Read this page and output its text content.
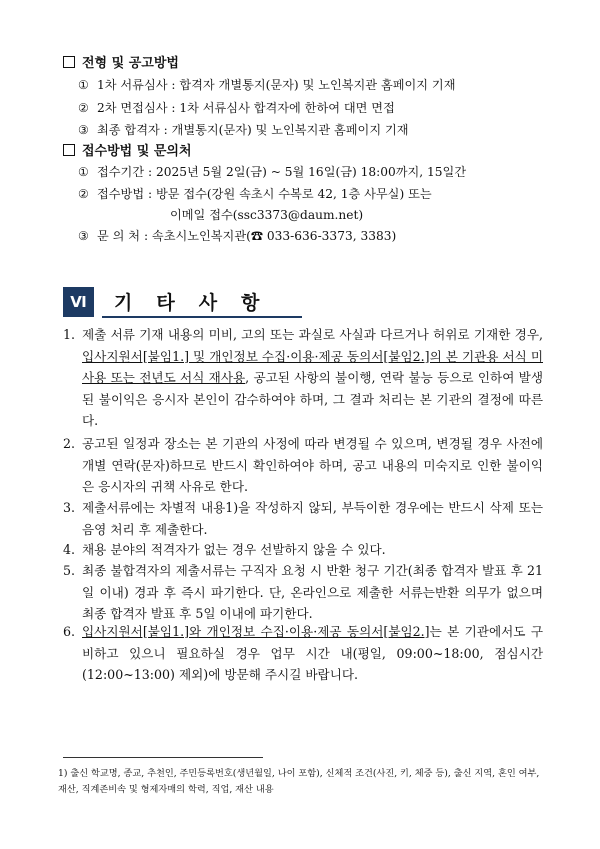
전형 및 공고방법
① 1차 서류심사 : 합격자 개별통지(문자) 및 노인복지관 홈페이지 기재
② 2차 면접심사 : 1차 서류심사 합격자에 한하여 대면 면접
③ 최종 합격자 : 개별통지(문자) 및 노인복지관 홈페이지 기재
접수방법 및 문의처
① 접수기간 : 2025년 5월 2일(금) ~ 5월 16일(금) 18:00까지, 15일간
② 접수방법 : 방문 접수(강원 속초시 수복로 42, 1층 사무실) 또는
이메일 접수(ssc3373@daum.net)
③ 문 의 처 : 속초시노인복지관(☎ 033-636-3373, 3383)
Ⅵ	기타사항
1. 제출 서류 기재 내용의 미비, 고의 또는 과실로 사실과 다르거나 허위로 기재한 경우, 입사지원서[붙임1.] 및 개인정보 수집·이용·제공 동의서[붙임2.]의 본 기관용 서식 미사용 또는 전년도 서식 재사용, 공고된 사항의 불이행, 연락 불능 등으로 인하여 발생 된 불이익은 응시자 본인이 감수하여야 하며, 그 결과 처리는 본 기관의 결정에 따른다.
2. 공고된 일정과 장소는 본 기관의 사정에 따라 변경될 수 있으며, 변경될 경우 사전에 개별 연락(문자)하므로 반드시 확인하여야 하며, 공고 내용의 미숙지로 인한 불이익은 응시자의 귀책 사유로 한다.
3. 제출서류에는 차별적 내용1)을 작성하지 않되, 부득이한 경우에는 반드시 삭제 또는 음영 처리 후 제출한다.
4. 채용 분야의 적격자가 없는 경우 선발하지 않을 수 있다.
5. 최종 불합격자의 제출서류는 구직자 요청 시 반환 청구 기간(최종 합격자 발표 후 21일 이내) 경과 후 즉시 파기한다. 단, 온라인으로 제출한 서류는반환 의무가 없으며 최종 합격자 발표 후 5일 이내에 파기한다.
6. 입사지원서[붙임1.]와 개인정보 수집·이용·제공 동의서[붙임2.]는 본 기관에서도 구비하고 있으니 필요하실 경우 업무 시간 내(평일, 09:00~18:00, 점심시간(12:00~13:00) 제외)에 방문해 주시길 바랍니다.
1) 출신 학교명, 종교, 추천인, 주민등록번호(생년월일, 나이 포함), 신체적 조건(사진, 키, 체중 등), 출신 지역, 혼인 여부, 재산, 직계존비속 및 형제자매의 학력, 직업, 재산 내용
